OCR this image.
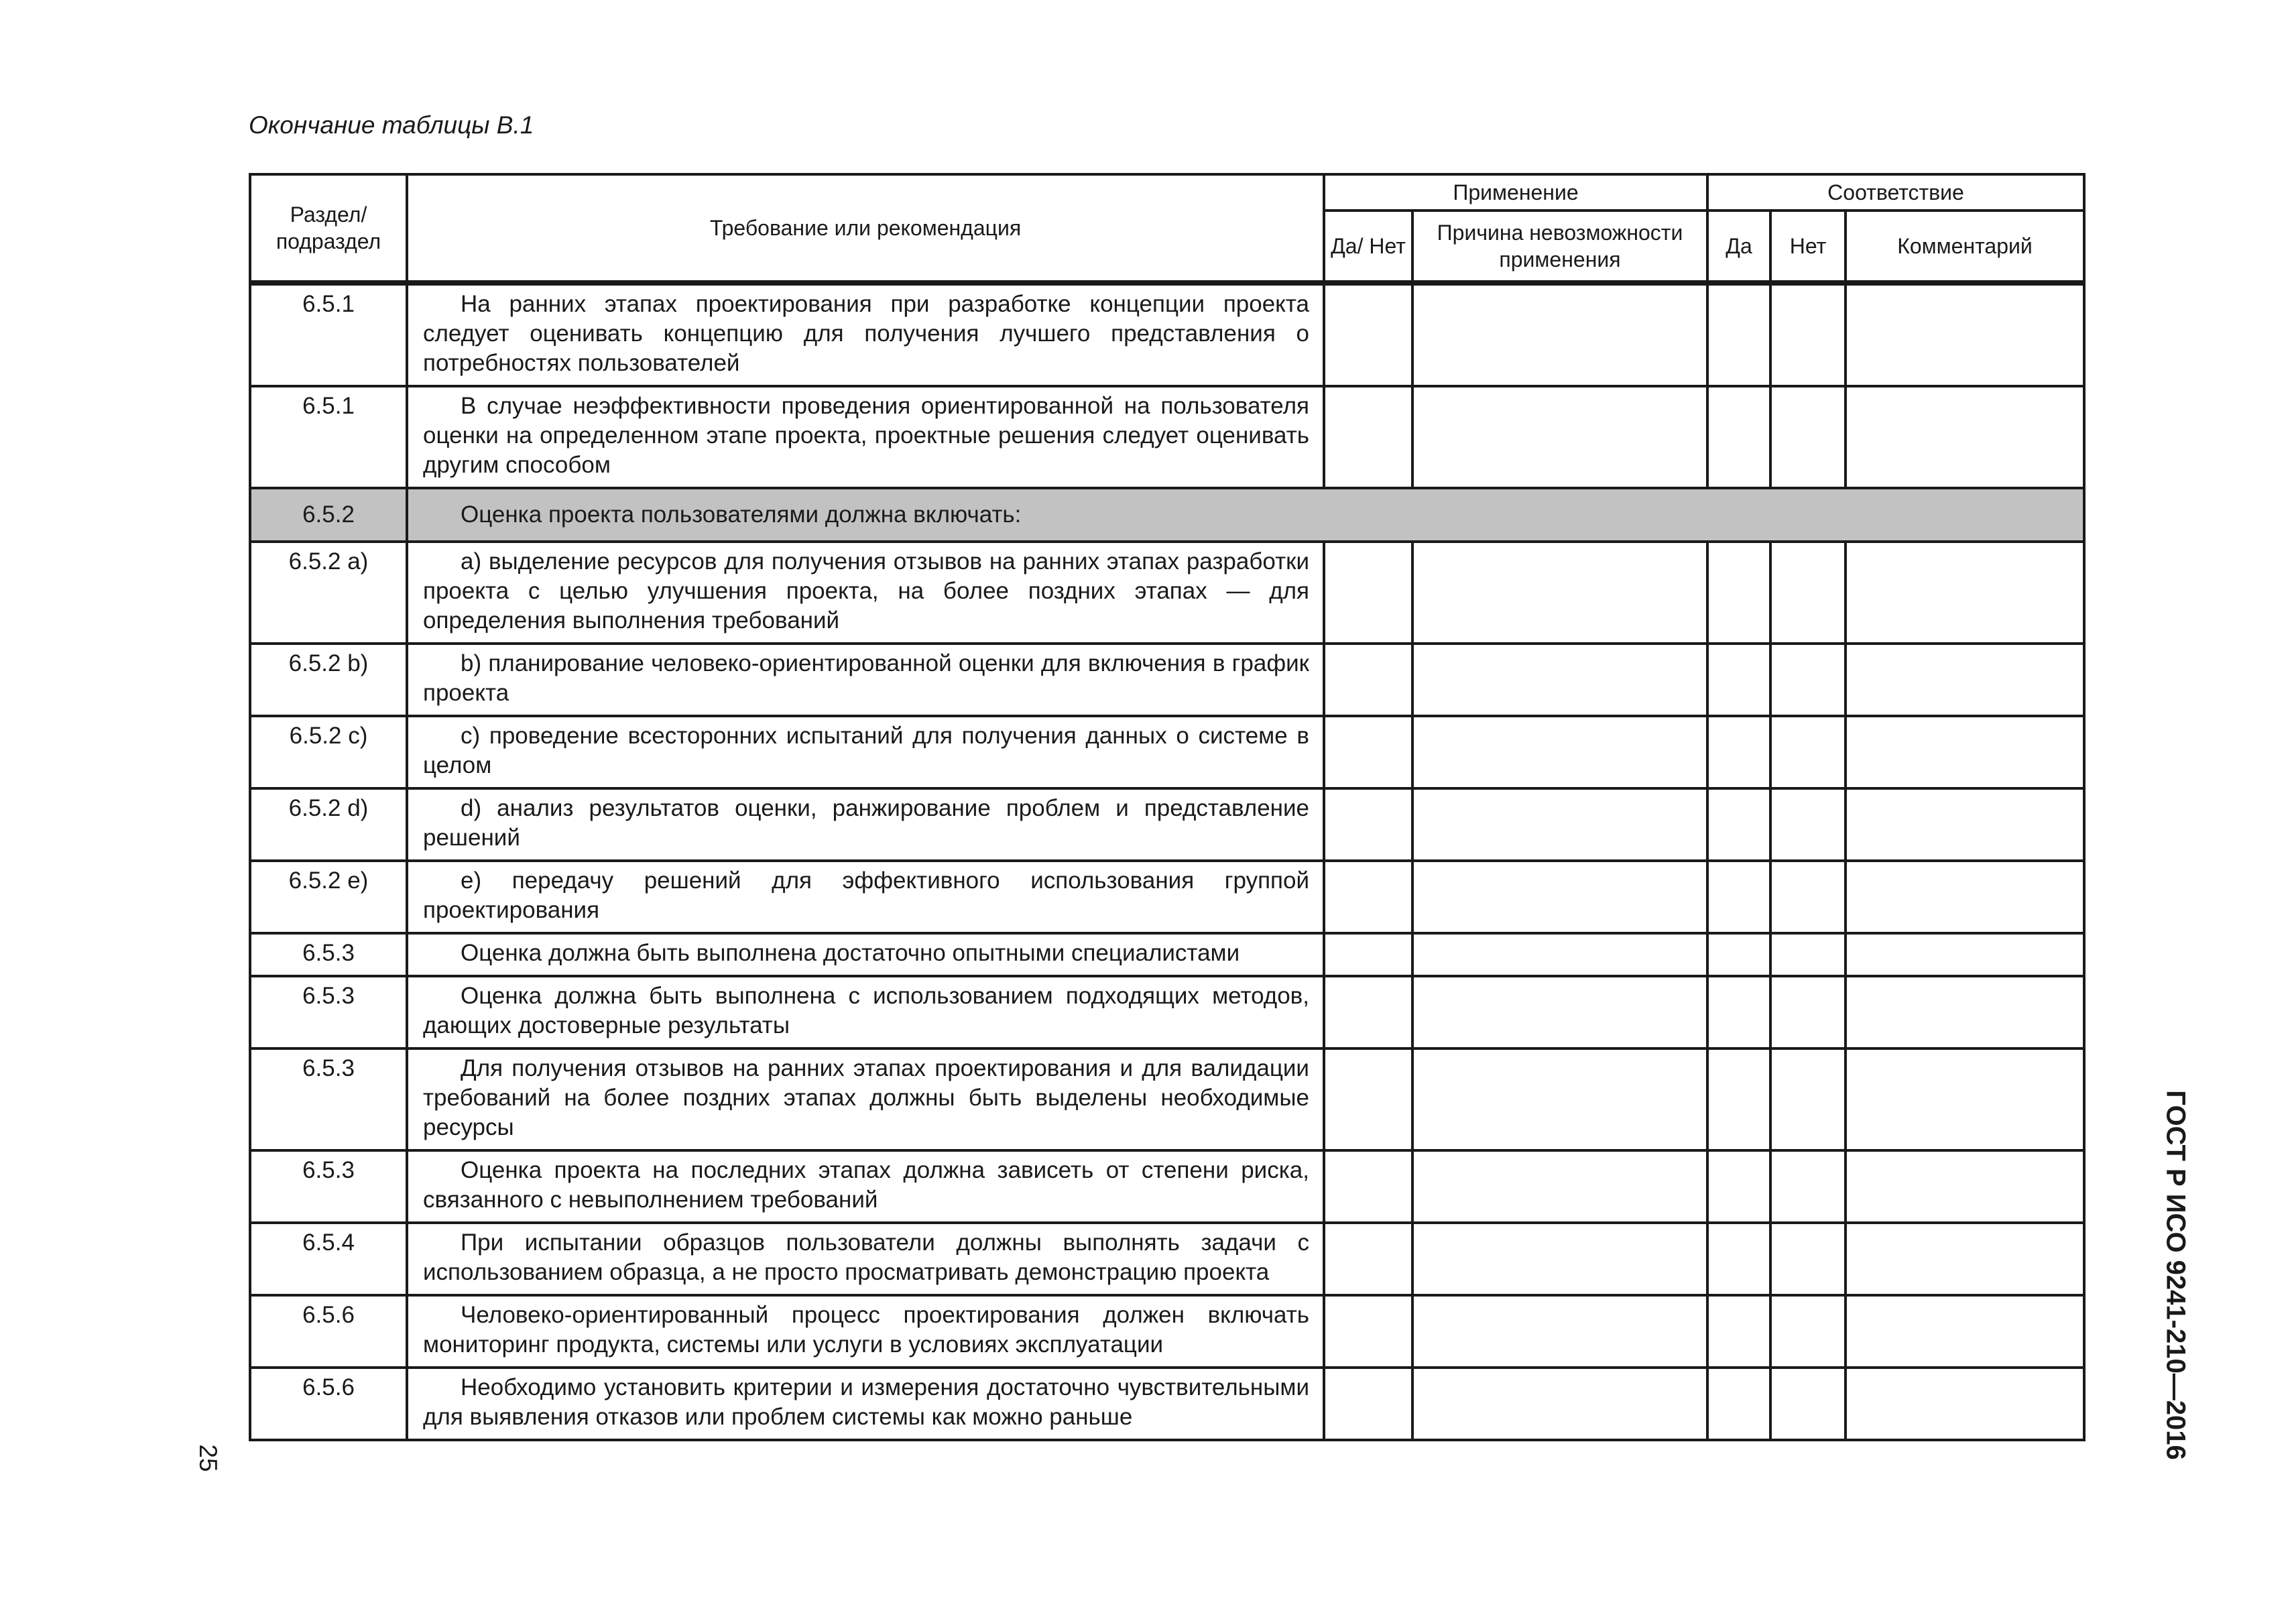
Окончание таблицы В.1
Раздел/ подраздел	Требование или рекомендация	Применение		Соответствие		
		Да/ Нет	Причина невозможности применения	Да	Нет	Комментарий

6.5.1	На ранних этапах проектирования при разработке концепции проекта следует оценивать концепцию для получения лучшего представления о потребностях пользователей					
6.5.1	В случае неэффективности проведения ориентированной на пользователя оценки на определенном этапе проекта, проектные решения следует оценивать другим способом					
6.5.2	Оценка проекта пользователями должна включать:					
6.5.2 a)	а) выделение ресурсов для получения отзывов на ранних этапах разработки проекта с целью улучшения проекта, на более поздних этапах — для определения выполнения требований					
6.5.2 b)	b) планирование человеко-ориентированной оценки для включения в график проекта					
6.5.2 c)	c) проведение всесторонних испытаний для получения данных о системе в целом					
6.5.2 d)	d) анализ результатов оценки, ранжирование проблем и представление решений					
6.5.2 e)	e) передачу решений для эффективного использования группой проектирования					
6.5.3	Оценка должна быть выполнена достаточно опытными специалистами					
6.5.3	Оценка должна быть выполнена с использованием подходящих методов, дающих достоверные результаты					
6.5.3	Для получения отзывов на ранних этапах проектирования и для валидации требований на более поздних этапах должны быть выделены необходимые ресурсы					
6.5.3	Оценка проекта на последних этапах должна зависеть от степени риска, связанного с невыполнением требований					
6.5.4	При испытании образцов пользователи должны выполнять задачи с использованием образца, а не просто просматривать демонстрацию проекта					
6.5.6	Человеко-ориентированный процесс проектирования должен включать мониторинг продукта, системы или услуги в условиях эксплуатации					
6.5.6	Необходимо установить критерии и измерения достаточно чувствительными для выявления отказов или проблем системы как можно раньше						ГОСТ Р ИСО 9241-210—2016
25
